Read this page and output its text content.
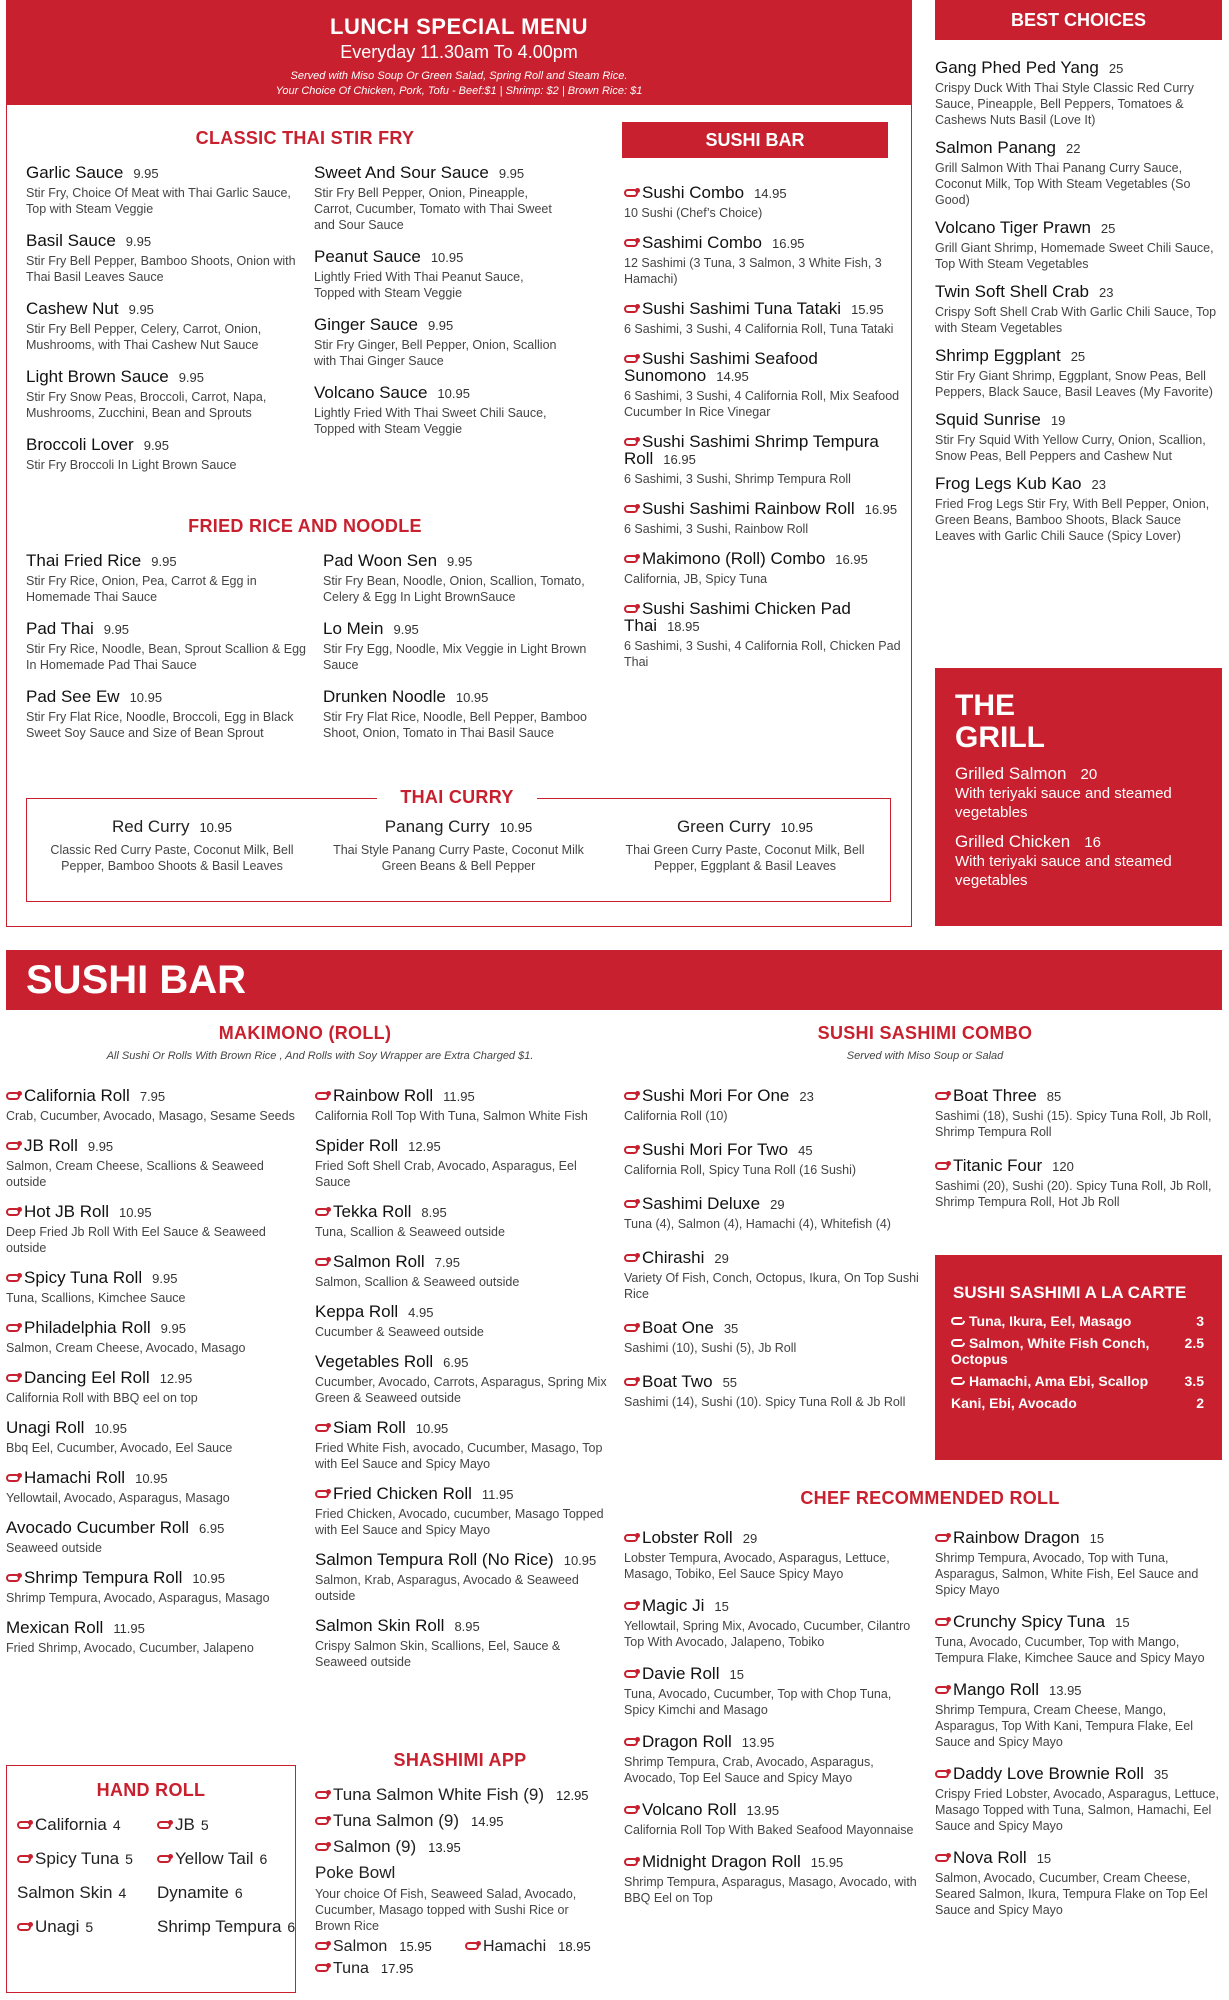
LUNCH SPECIAL MENU
Everyday 11.30am To 4.00pm
Served with Miso Soup Or Green Salad, Spring Roll and Steam Rice.
Your Choice Of Chicken, Pork, Tofu - Beef:$1 | Shrimp: $2 | Brown Rice: $1
CLASSIC THAI STIR FRY
Garlic Sauce 9.95
Stir Fry, Choice Of Meat with Thai Garlic Sauce, Top with Steam Veggie
Basil Sauce 9.95
Stir Fry Bell Pepper, Bamboo Shoots, Onion with Thai Basil Leaves Sauce
Cashew Nut 9.95
Stir Fry Bell Pepper, Celery, Carrot, Onion, Mushrooms, with Thai Cashew Nut Sauce
Light Brown Sauce 9.95
Stir Fry Snow Peas, Broccoli, Carrot, Napa, Mushrooms, Zucchini, Bean and Sprouts
Broccoli Lover 9.95
Stir Fry Broccoli In Light Brown Sauce
Sweet And Sour Sauce 9.95
Stir Fry Bell Pepper, Onion, Pineapple, Carrot, Cucumber, Tomato with Thai Sweet and Sour Sauce
Peanut Sauce 10.95
Lightly Fried With Thai Peanut Sauce, Topped with Steam Veggie
Ginger Sauce 9.95
Stir Fry Ginger, Bell Pepper, Onion, Scallion with Thai Ginger Sauce
Volcano Sauce 10.95
Lightly Fried With Thai Sweet Chili Sauce, Topped with Steam Veggie
FRIED RICE AND NOODLE
Thai Fried Rice 9.95
Stir Fry Rice, Onion, Pea, Carrot & Egg in Homemade Thai Sauce
Pad Thai 9.95
Stir Fry Rice, Noodle, Bean, Sprout Scallion & Egg In Homemade Pad Thai Sauce
Pad See Ew 10.95
Stir Fry Flat Rice, Noodle, Broccoli, Egg in Black Sweet Soy Sauce and Size of Bean Sprout
Pad Woon Sen 9.95
Stir Fry Bean, Noodle, Onion, Scallion, Tomato, Celery & Egg In Light BrownSauce
Lo Mein 9.95
Stir Fry Egg, Noodle, Mix Veggie in Light Brown Sauce
Drunken Noodle 10.95
Stir Fry Flat Rice, Noodle, Bell Pepper, Bamboo Shoot, Onion, Tomato in Thai Basil Sauce
THAI CURRY
Red Curry 10.95
Classic Red Curry Paste, Coconut Milk, Bell Pepper, Bamboo Shoots & Basil Leaves
Panang Curry 10.95
Thai Style Panang Curry Paste, Coconut Milk Green Beans & Bell Pepper
Green Curry 10.95
Thai Green Curry Paste, Coconut Milk, Bell Pepper, Eggplant & Basil Leaves
SUSHI BAR
Sushi Combo 14.95
10 Sushi (Chef’s Choice)
Sashimi Combo 16.95
12 Sashimi (3 Tuna, 3 Salmon, 3 White Fish, 3 Hamachi)
Sushi Sashimi Tuna Tataki 15.95
6 Sashimi, 3 Sushi, 4 California Roll, Tuna Tataki
Sushi Sashimi Seafood Sunomono 14.95
6 Sashimi, 3 Sushi, 4 California Roll, Mix Seafood Cucumber In Rice Vinegar
Sushi Sashimi Shrimp Tempura Roll 16.95
6 Sashimi, 3 Sushi, Shrimp Tempura Roll
Sushi Sashimi Rainbow Roll 16.95
6 Sashimi, 3 Sushi, Rainbow Roll
Makimono (Roll) Combo 16.95
California, JB, Spicy Tuna
Sushi Sashimi Chicken Pad Thai 18.95
6 Sashimi, 3 Sushi, 4 California Roll, Chicken Pad Thai
BEST CHOICES
Gang Phed Ped Yang 25
Crispy Duck With Thai Style Classic Red Curry Sauce, Pineapple, Bell Peppers, Tomatoes & Cashews Nuts Basil (Love It)
Salmon Panang 22
Grill Salmon With Thai Panang Curry Sauce, Coconut Milk, Top With Steam Vegetables (So Good)
Volcano Tiger Prawn 25
Grill Giant Shrimp, Homemade Sweet Chili Sauce, Top With Steam Vegetables
Twin Soft Shell Crab 23
Crispy Soft Shell Crab With Garlic Chili Sauce, Top with Steam Vegetables
Shrimp Eggplant 25
Stir Fry Giant Shrimp, Eggplant, Snow Peas, Bell Peppers, Black Sauce, Basil Leaves (My Favorite)
Squid Sunrise 19
Stir Fry Squid With Yellow Curry, Onion, Scallion, Snow Peas, Bell Peppers and Cashew Nut
Frog Legs Kub Kao 23
Fried Frog Legs Stir Fry, With Bell Pepper, Onion, Green Beans, Bamboo Shoots, Black Sauce Leaves with Garlic Chili Sauce (Spicy Lover)
THE
GRILL
Grilled Salmon 20
With teriyaki sauce and steamed vegetables
Grilled Chicken 16
With teriyaki sauce and steamed vegetables
SUSHI BAR
MAKIMONO (ROLL)
All Sushi Or Rolls With Brown Rice , And Rolls with Soy Wrapper are Extra Charged $1.
California Roll 7.95
Crab, Cucumber, Avocado, Masago, Sesame Seeds
JB Roll 9.95
Salmon, Cream Cheese, Scallions & Seaweed outside
Hot JB Roll 10.95
Deep Fried Jb Roll With Eel Sauce & Seaweed outside
Spicy Tuna Roll 9.95
Tuna, Scallions, Kimchee Sauce
Philadelphia Roll 9.95
Salmon, Cream Cheese, Avocado, Masago
Dancing Eel Roll 12.95
California Roll with BBQ eel on top
Unagi Roll 10.95
Bbq Eel, Cucumber, Avocado, Eel Sauce
Hamachi Roll 10.95
Yellowtail, Avocado, Asparagus, Masago
Avocado Cucumber Roll 6.95
Seaweed outside
Shrimp Tempura Roll 10.95
Shrimp Tempura, Avocado, Asparagus, Masago
Mexican Roll 11.95
Fried Shrimp, Avocado, Cucumber, Jalapeno
Rainbow Roll 11.95
California Roll Top With Tuna, Salmon White Fish
Spider Roll 12.95
Fried Soft Shell Crab, Avocado, Asparagus, Eel Sauce
Tekka Roll 8.95
Tuna, Scallion & Seaweed outside
Salmon Roll 7.95
Salmon, Scallion & Seaweed outside
Keppa Roll 4.95
Cucumber & Seaweed outside
Vegetables Roll 6.95
Cucumber, Avocado, Carrots, Asparagus, Spring Mix Green & Seaweed outside
Siam Roll 10.95
Fried White Fish, avocado, Cucumber, Masago, Top with Eel Sauce and Spicy Mayo
Fried Chicken Roll 11.95
Fried Chicken, Avocado, cucumber, Masago Topped with Eel Sauce and Spicy Mayo
Salmon Tempura Roll (No Rice) 10.95
Salmon, Krab, Asparagus, Avocado & Seaweed outside
Salmon Skin Roll 8.95
Crispy Salmon Skin, Scallions, Eel, Sauce & Seaweed outside
SUSHI SASHIMI COMBO
Served with Miso Soup or Salad
Sushi Mori For One 23
California Roll (10)
Sushi Mori For Two 45
California Roll, Spicy Tuna Roll (16 Sushi)
Sashimi Deluxe 29
Tuna (4), Salmon (4), Hamachi (4), Whitefish (4)
Chirashi 29
Variety Of Fish, Conch, Octopus, Ikura, On Top Sushi Rice
Boat One 35
Sashimi (10), Sushi (5), Jb Roll
Boat Two 55
Sashimi (14), Sushi (10). Spicy Tuna Roll & Jb Roll
Boat Three 85
Sashimi (18), Sushi (15). Spicy Tuna Roll, Jb Roll, Shrimp Tempura Roll
Titanic Four 120
Sashimi (20), Sushi (20). Spicy Tuna Roll, Jb Roll, Shrimp Tempura Roll, Hot Jb Roll
SUSHI SASHIMI A LA CARTE
Tuna, Ikura, Eel, Masago	3
Salmon, White Fish Conch, Octopus
2.5
Hamachi, Ama Ebi, Scallop	3.5
Kani, Ebi, Avocado	2
CHEF RECOMMENDED ROLL
Lobster Roll 29
Lobster Tempura, Avocado, Asparagus, Lettuce, Masago, Tobiko, Eel Sauce Spicy Mayo
Magic Ji 15
Yellowtail, Spring Mix, Avocado, Cucumber, Cilantro Top With Avocado, Jalapeno, Tobiko
Davie Roll 15
Tuna, Avocado, Cucumber, Top with Chop Tuna, Spicy Kimchi and Masago
Dragon Roll 13.95
Shrimp Tempura, Crab, Avocado, Asparagus, Avocado, Top Eel Sauce and Spicy Mayo
Volcano Roll 13.95
California Roll Top With Baked Seafood Mayonnaise
Midnight Dragon Roll 15.95
Shrimp Tempura, Asparagus, Masago, Avocado, with BBQ Eel on Top
Rainbow Dragon 15
Shrimp Tempura, Avocado, Top with Tuna, Asparagus, Salmon, White Fish, Eel Sauce and Spicy Mayo
Crunchy Spicy Tuna 15
Tuna, Avocado, Cucumber, Top with Mango, Tempura Flake, Kimchee Sauce and Spicy Mayo
Mango Roll 13.95
Shrimp Tempura, Cream Cheese, Mango, Asparagus, Top With Kani, Tempura Flake, Eel Sauce and Spicy Mayo
Daddy Love Brownie Roll 35
Crispy Fried Lobster, Avocado, Asparagus, Lettuce, Masago Topped with Tuna, Salmon, Hamachi, Eel Sauce and Spicy Mayo
Nova Roll 15
Salmon, Avocado, Cucumber, Cream Cheese, Seared Salmon, Ikura, Tempura Flake on Top Eel Sauce and Spicy Mayo
HAND ROLL
California 4	JB 5
Spicy Tuna 5	Yellow Tail 6
Salmon Skin 4	Dynamite 6
Unagi 5	Shrimp Tempura 6
SHASHIMI APP
Tuna Salmon White Fish (9) 12.95
Tuna Salmon (9) 14.95
Salmon (9) 13.95
Poke Bowl
Your choice Of Fish, Seaweed Salad, Avocado, Cucumber, Masago topped with Sushi Rice or Brown Rice
Salmon 15.95	Hamachi 18.95
Tuna 17.95
